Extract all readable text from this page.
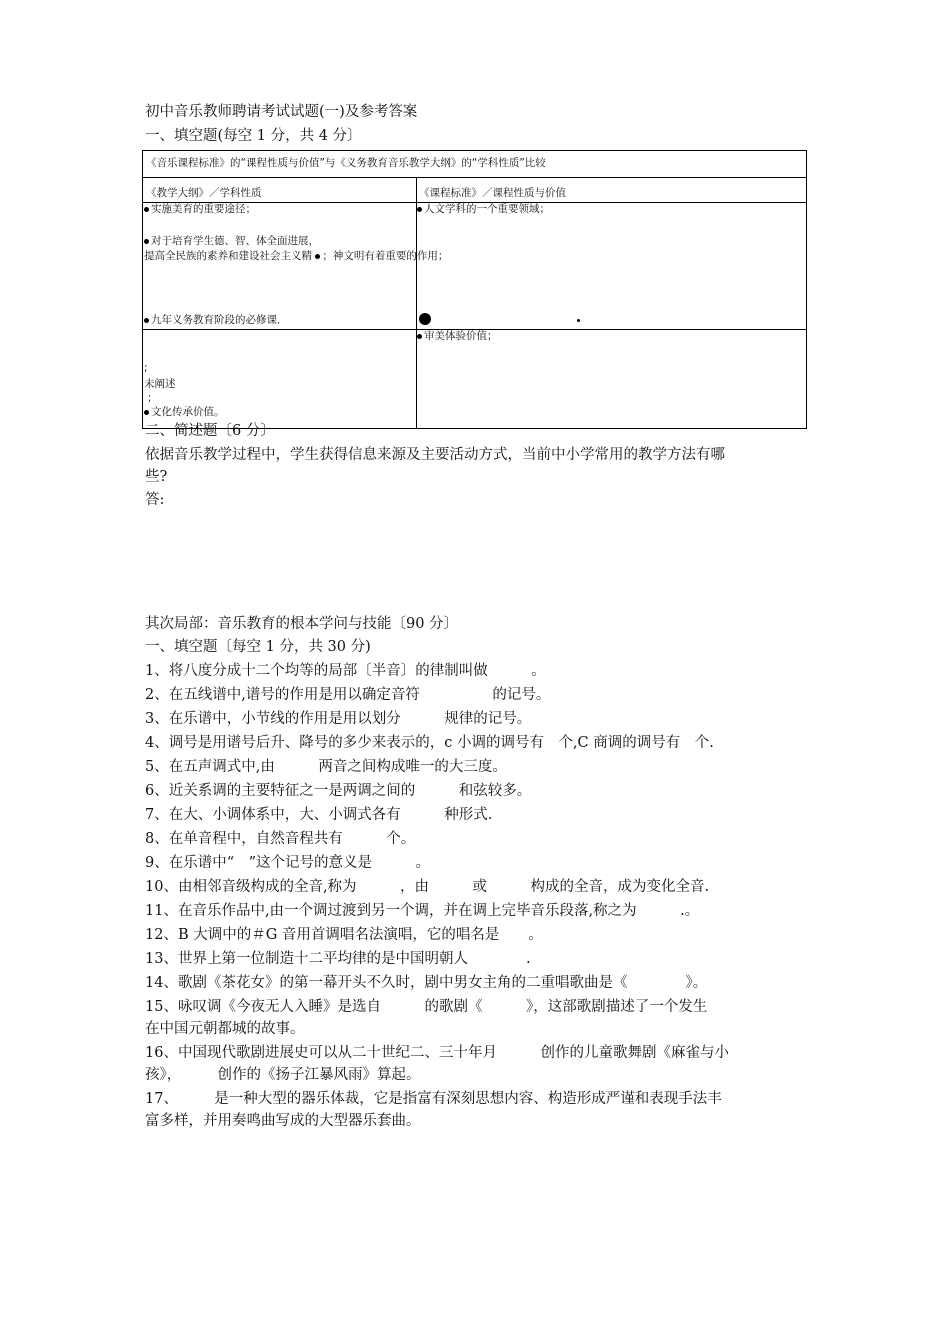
初中音乐教师聘请考试试题(一)及参考答案
一、填空题(每空 1 分，共 4 分〕
《音乐课程标准》的“课程性质与价值”与《义务教育音乐教学大纲》的“学科性质”比较
《教学大纲》／学科性质	《课程标准》／课程性质与价值
实施美育的重要途径；
对于培育学生德、智、体全面进展，
提高全民族的素养和建设社会主义精 ；神文明有着重要的作用；
九年义务教育阶段的必修课．
人文学科的一个重要领域；
审美体验价值；
;
未阐述
；
文化传承价值。
二、简述题〔6 分〕
依据音乐教学过程中，学生获得信息来源及主要活动方式，当前中小学常用的教学方法有哪
些?
答:
其次局部：音乐教育的根本学问与技能〔90 分〕
一、填空题〔每空 1 分，共 30 分)
1、将八度分成十二个均等的局部〔半音〕的律制叫做　　　。
2、在五线谱中,谱号的作用是用以确定音符　　　　　的记号。
3、在乐谱中，小节线的作用是用以划分　　　规律的记号。
4、调号是用谱号后升、降号的多少来表示的，c 小调的调号有　个,C 商调的调号有　个.
5、在五声调式中,由　　　两音之间构成唯一的大三度。
6、近关系调的主要特征之一是两调之间的　　　和弦较多。
7、在大、小调体系中，大、小调式各有　　　种形式.
8、在单音程中，自然音程共有　　　个。
9、在乐谱中“　”这个记号的意义是　　　。
10、由相邻音级构成的全音,称为　　　，由　　　或　　　构成的全音，成为变化全音.
11、在音乐作品中,由一个调过渡到另一个调，并在调上完毕音乐段落,称之为　　　.。
12、B 大调中的＃G 音用首调唱名法演唱，它的唱名是　　。
13、世界上第一位制造十二平均律的是中国明朝人　　　　.
14、歌剧《茶花女》的第一幕开头不久时，剧中男女主角的二重唱歌曲是《　　　　》。
15、咏叹调《今夜无人入睡》是选自　　　的歌剧《　　　》，这部歌剧描述了一个发生
在中国元朝都城的故事。
16、中国现代歌剧进展史可以从二十世纪二、三十年月　　　创作的儿童歌舞剧《麻雀与小
孩》，　　　创作的《扬子江暴风雨》算起。
17、　　　是一种大型的器乐体裁，它是指富有深刻思想内容、构造形成严谨和表现手法丰
富多样，并用奏鸣曲写成的大型器乐套曲。
